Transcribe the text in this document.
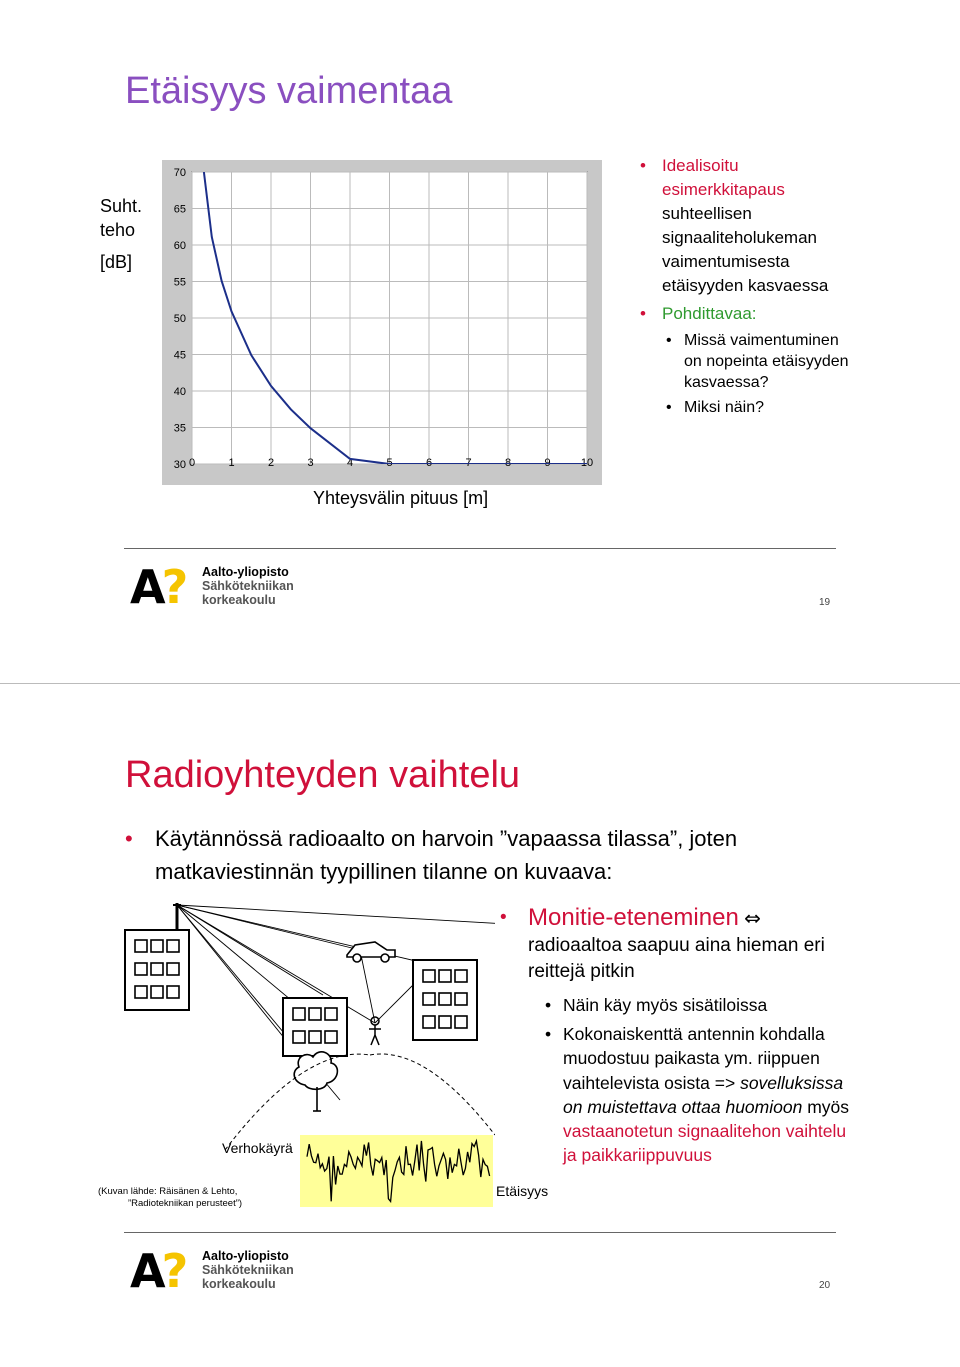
Etäisyys vaimentaa
Suht.
teho
[dB]
0	1	2	3	4	5	6	7	8	9	10
30
35
40
45
50
55
60
65
70
Yhteysvälin pituus [m]
• Idealisoitu esimerkkitapaus
suhteellisen signaaliteholukeman vaimentumisesta etäisyyden kasvaessa
• Pohdittavaa:
• Missä vaimentuminen on nopeinta etäisyyden kasvaessa?
• Miksi näin?
A? Aalto-yliopisto
Sähkötekniikan
korkeakoulu	19
Radioyhteyden vaihtelu
• Käytännössä radioaalto on harvoin ”vapaassa tilassa”, joten matkaviestinnän tyypillinen tilanne on kuvaava:
Verhokäyrä
Etäisyys
(Kuvan lähde: Räisänen & Lehto,
”Radiotekniikan perusteet”)
• Monitie-eteneminen ⇔
radioaaltoa saapuu aina hieman eri reittejä pitkin
• Näin käy myös sisätiloissa
• Kokonaiskenttä antennin kohdalla muodostuu paikasta ym. riippuen vaihtelevista osista => sovelluksissa on muistettava ottaa huomioon myös vastaanotetun signaalitehon vaihtelu ja paikkariippuvuus
A? Aalto-yliopisto
Sähkötekniikan
korkeakoulu	20
